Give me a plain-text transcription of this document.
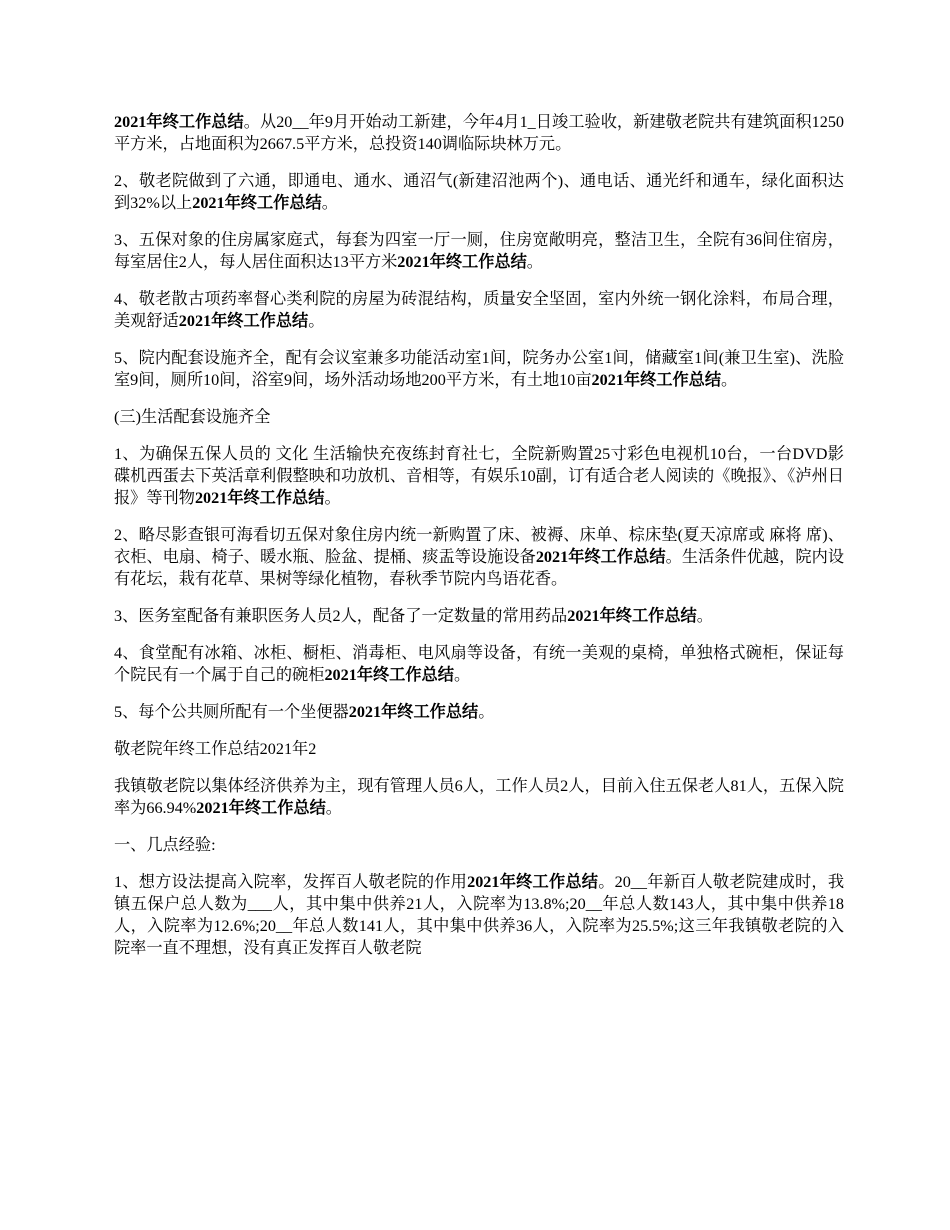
2021年终工作总结。从20__年9月开始动工新建，今年4月1_日竣工验收，新建敬老院共有建筑面积1250平方米，占地面积为2667.5平方米，总投资140调临际块林万元。

2、敬老院做到了六通，即通电、通水、通沼气(新建沼池两个)、通电话、通光纤和通车，绿化面积达到32%以上2021年终工作总结。

3、五保对象的住房属家庭式，每套为四室一厅一厕，住房宽敞明亮，整洁卫生，全院有36间住宿房，每室居住2人，每人居住面积达13平方米2021年终工作总结。

4、敬老散古项药率督心类利院的房屋为砖混结构，质量安全坚固，室内外统一钢化涂料，布局合理，美观舒适2021年终工作总结。

5、院内配套设施齐全，配有会议室兼多功能活动室1间，院务办公室1间，储藏室1间(兼卫生室)、洗脸室9间，厕所10间，浴室9间，场外活动场地200平方米，有土地10亩2021年终工作总结。

(三)生活配套设施齐全

1、为确保五保人员的 文化 生活输快充夜练封育社七，全院新购置25寸彩色电视机10台，一台DVD影碟机西蛋去下英活章利假整映和功放机、音相等，有娱乐10副，订有适合老人阅读的《晚报》、《泸州日报》等刊物2021年终工作总结。

2、略尽影查银可海看切五保对象住房内统一新购置了床、被褥、床单、棕床垫(夏天凉席或 麻将 席)、衣柜、电扇、椅子、暖水瓶、脸盆、提桶、痰盂等设施设备2021年终工作总结。生活条件优越，院内设有花坛，栽有花草、果树等绿化植物，春秋季节院内鸟语花香。

3、医务室配备有兼职医务人员2人，配备了一定数量的常用药品2021年终工作总结。

4、食堂配有冰箱、冰柜、橱柜、消毒柜、电风扇等设备，有统一美观的桌椅，单独格式碗柜，保证每个院民有一个属于自己的碗柜2021年终工作总结。

5、每个公共厕所配有一个坐便器2021年终工作总结。

敬老院年终工作总结2021年2

我镇敬老院以集体经济供养为主，现有管理人员6人，工作人员2人，目前入住五保老人81人，五保入院率为66.94%2021年终工作总结。

一、几点经验:

1、想方设法提高入院率，发挥百人敬老院的作用2021年终工作总结。20__年新百人敬老院建成时，我镇五保户总人数为___人，其中集中供养21人，入院率为13.8%;20__年总人数143人，其中集中供养18人，入院率为12.6%;20__年总人数141人，其中集中供养36人，入院率为25.5%;这三年我镇敬老院的入院率一直不理想，没有真正发挥百人敬老院
